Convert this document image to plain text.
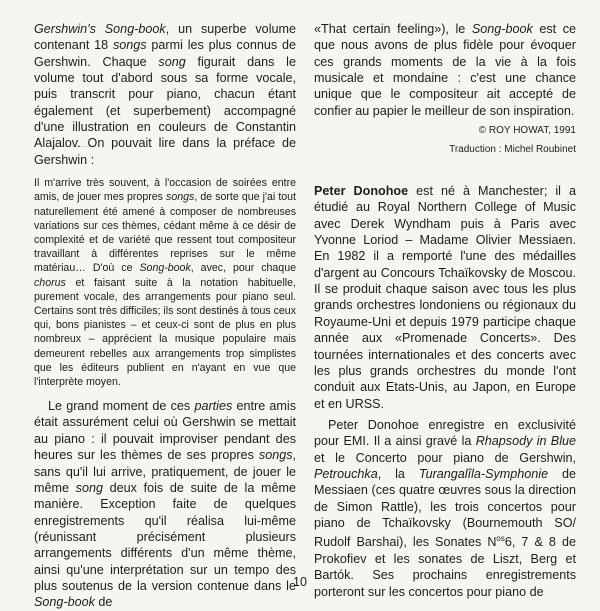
Gershwin's Song-book, un superbe volume contenant 18 songs parmi les plus connus de Gershwin. Chaque song figurait dans le volume tout d'abord sous sa forme vocale, puis transcrit pour piano, chacun étant également (et superbement) accompagné d'une illustration en couleurs de Constantin Alajalov. On pouvait lire dans la préface de Gershwin :

Il m'arrive très souvent, à l'occasion de soirées entre amis, de jouer mes propres songs, de sorte que j'ai tout naturellement été amené à composer de nombreuses variations sur ces thèmes, cédant même à ce désir de complexité et de variété que ressent tout compositeur travaillant à différentes reprises sur le même matériau… D'où ce Song-book, avec, pour chaque chorus et faisant suite à la notation habituelle, purement vocale, des arrangements pour piano seul. Certains sont très difficiles; ils sont destinés à tous ceux qui, bons pianistes – et ceux-ci sont de plus en plus nombreux – apprécient la musique populaire mais demeurent rebelles aux arrangements trop simplistes que les éditeurs publient en n'ayant en vue que l'interprète moyen.

Le grand moment de ces parties entre amis était assurément celui où Gershwin se mettait au piano : il pouvait improviser pendant des heures sur les thèmes de ses propres songs, sans qu'il lui arrive, pratiquement, de jouer le même song deux fois de suite de la même manière. Exception faite de quelques enregistrements qu'il réalisa lui-même (réunissant précisément plusieurs arrangements différents d'un même thème, ainsi qu'une interprétation sur un tempo des plus soutenus de la version contenue dans le Song-book de

«That certain feeling»), le Song-book est ce que nous avons de plus fidèle pour évoquer ces grands moments de la vie à la fois musicale et mondaine : c'est une chance unique que le compositeur ait accepté de confier au papier le meilleur de son inspiration.

© ROY HOWAT, 1991

Traduction : Michel Roubinet

Peter Donohoe est né à Manchester; il a étudié au Royal Northern College of Music avec Derek Wyndham puis à Paris avec Yvonne Loriod – Madame Olivier Messiaen. En 1982 il a remporté l'une des médailles d'argent au Concours Tchaïkovsky de Moscou. Il se produit chaque saison avec tous les plus grands orchestres londoniens ou régionaux du Royaume-Uni et depuis 1979 participe chaque année aux «Promenade Concerts». Des tournées internationales et des concerts avec les plus grands orchestres du monde l'ont conduit aux Etats-Unis, au Japon, en Europe et en URSS.

Peter Donohoe enregistre en exclusivité pour EMI. Il a ainsi gravé la Rhapsody in Blue et le Concerto pour piano de Gershwin, Petrouchka, la Turangalîla-Symphonie de Messiaen (ces quatre œuvres sous la direction de Simon Rattle), les trois concertos pour piano de Tchaïkovsky (Bournemouth SO/ Rudolf Barshai), les Sonates $N^{os}6$, 7 & 8 de Prokofiev et les sonates de Liszt, Berg et Bartók. Ses prochains enregistrements porteront sur les concertos pour piano de

10
